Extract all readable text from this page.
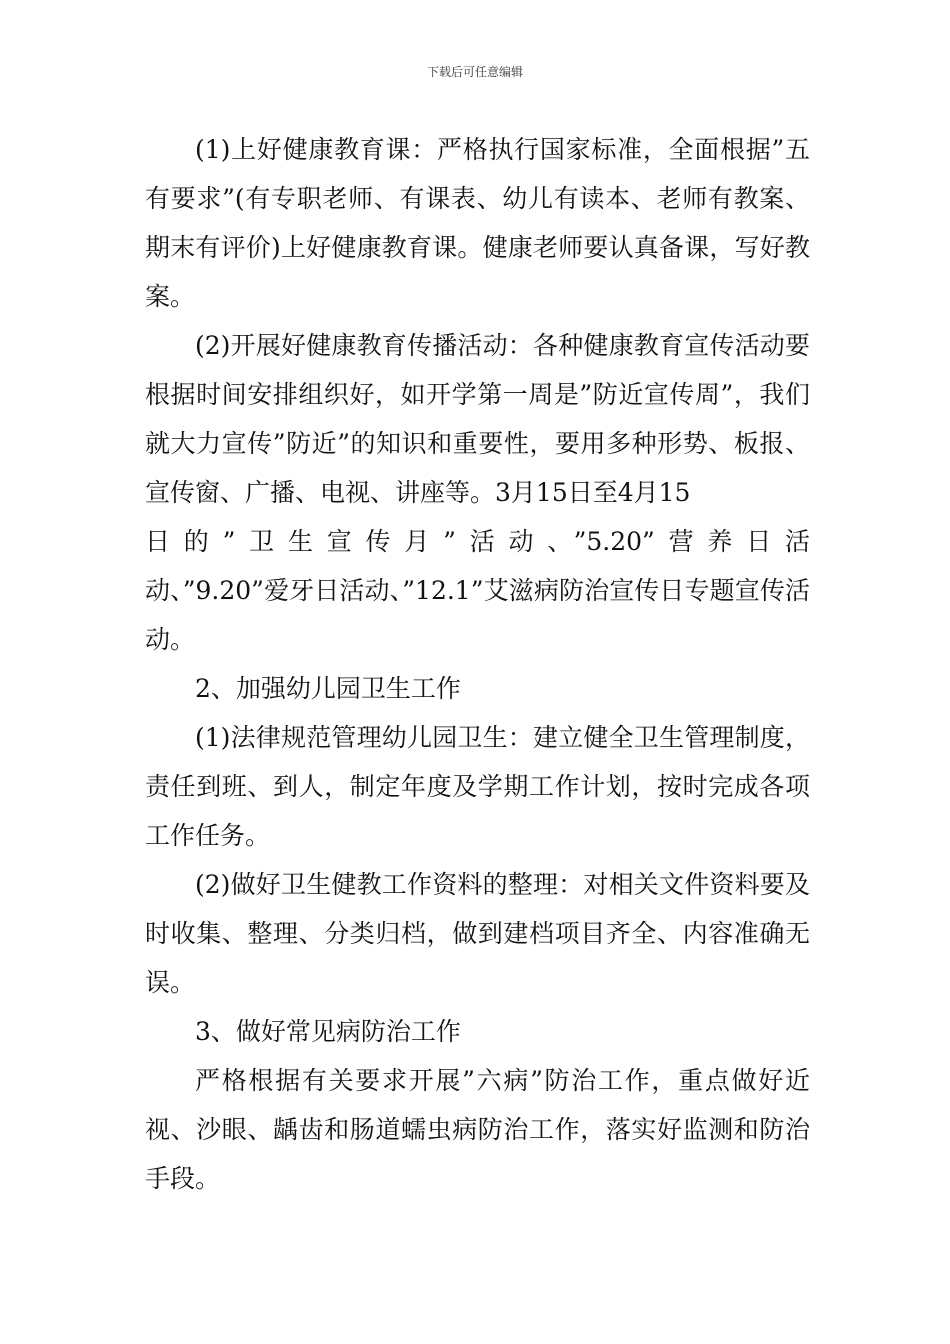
下载后可任意编辑

(1)上好健康教育课：严格执行国家标准，全面根据”五有要求”(有专职老师、有课表、幼儿有读本、老师有教案、期末有评价)上好健康教育课。健康老师要认真备课，写好教案。

(2)开展好健康教育传播活动：各种健康教育宣传活动要根据时间安排组织好，如开学第一周是”防近宣传周”，我们就大力宣传”防近”的知识和重要性，要用多种形势、板报、宣传窗、广播、电视、讲座等。3月15日至4月15

日的”卫生宣传月”活动、”5.20”营养日活

动、”9.20”爱牙日活动、”12.1”艾滋病防治宣传日专题宣传活动。

2、加强幼儿园卫生工作

(1)法律规范管理幼儿园卫生：建立健全卫生管理制度，责任到班、到人，制定年度及学期工作计划，按时完成各项工作任务。

(2)做好卫生健教工作资料的整理：对相关文件资料要及时收集、整理、分类归档，做到建档项目齐全、内容准确无误。

3、做好常见病防治工作

严格根据有关要求开展”六病”防治工作，重点做好近视、沙眼、龋齿和肠道蠕虫病防治工作，落实好监测和防治手段。
